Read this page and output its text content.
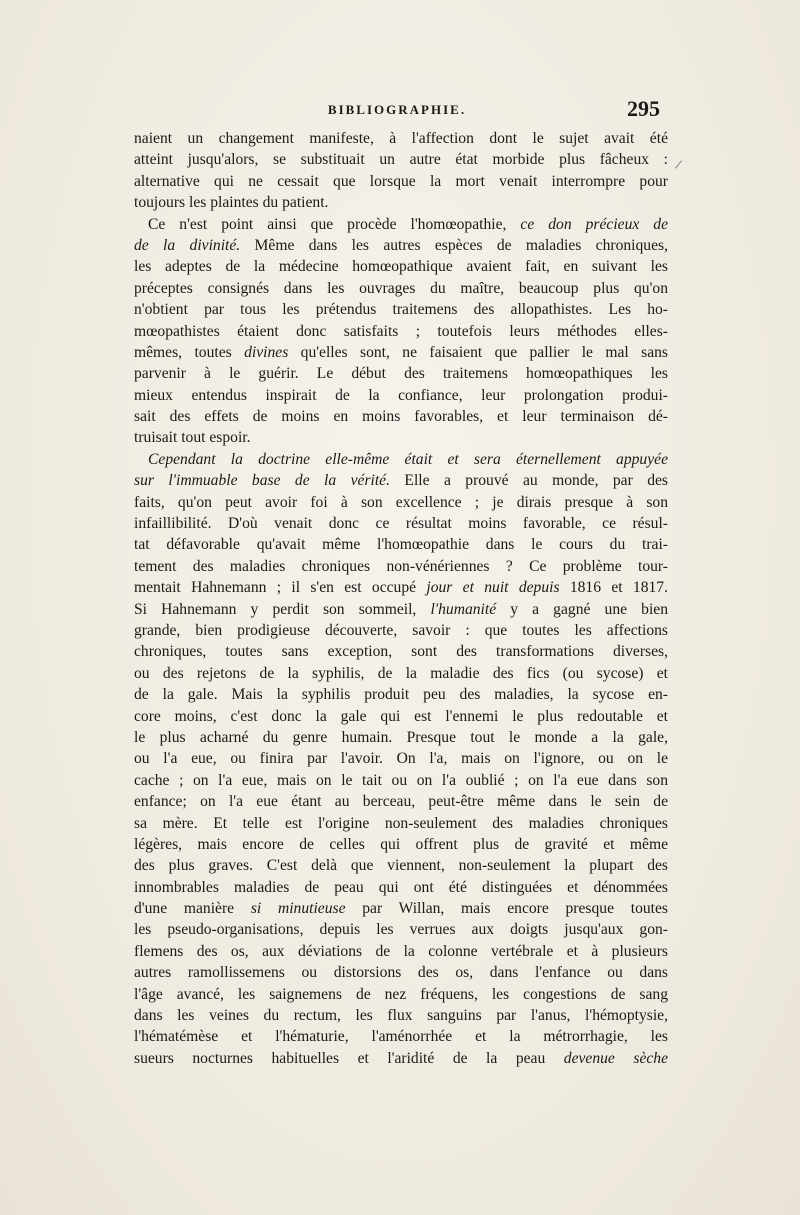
BIBLIOGRAPHIE.	295
/
naient un changement manifeste, à l'affection dont le sujet avait été
atteint jusqu'alors, se substituait un autre état morbide plus fâcheux :
alternative qui ne cessait que lorsque la mort venait interrompre pour
toujours les plaintes du patient.
Ce n'est point ainsi que procède l'homœopathie, ce don précieux de
de la divinité. Même dans les autres espèces de maladies chroniques,
les adeptes de la médecine homœopathique avaient fait, en suivant les
préceptes consignés dans les ouvrages du maître, beaucoup plus qu'on
n'obtient par tous les prétendus traitemens des allopathistes. Les ho-
mœopathistes étaient donc satisfaits ; toutefois leurs méthodes elles-
mêmes, toutes divines qu'elles sont, ne faisaient que pallier le mal sans
parvenir à le guérir. Le début des traitemens homœopathiques les
mieux entendus inspirait de la confiance, leur prolongation produi-
sait des effets de moins en moins favorables, et leur terminaison dé-
truisait tout espoir.
Cependant la doctrine elle-même était et sera éternellement appuyée
sur l'immuable base de la vérité. Elle a prouvé au monde, par des
faits, qu'on peut avoir foi à son excellence ; je dirais presque à son
infaillibilité. D'où venait donc ce résultat moins favorable, ce résul-
tat défavorable qu'avait même l'homœopathie dans le cours du trai-
tement des maladies chroniques non-vénériennes ? Ce problème tour-
mentait Hahnemann ; il s'en est occupé jour et nuit depuis 1816 et 1817.
Si Hahnemann y perdit son sommeil, l'humanité y a gagné une bien
grande, bien prodigieuse découverte, savoir : que toutes les affections
chroniques, toutes sans exception, sont des transformations diverses,
ou des rejetons de la syphilis, de la maladie des fics (ou sycose) et
de la gale. Mais la syphilis produit peu des maladies, la sycose en-
core moins, c'est donc la gale qui est l'ennemi le plus redoutable et
le plus acharné du genre humain. Presque tout le monde a la gale,
ou l'a eue, ou finira par l'avoir. On l'a, mais on l'ignore, ou on le
cache ; on l'a eue, mais on le tait ou on l'a oublié ; on l'a eue dans son
enfance; on l'a eue étant au berceau, peut-être même dans le sein de
sa mère. Et telle est l'origine non-seulement des maladies chroniques
légères, mais encore de celles qui offrent plus de gravité et même
des plus graves. C'est delà que viennent, non-seulement la plupart des
innombrables maladies de peau qui ont été distinguées et dénommées
d'une manière si minutieuse par Willan, mais encore presque toutes
les pseudo-organisations, depuis les verrues aux doigts jusqu'aux gon-
flemens des os, aux déviations de la colonne vertébrale et à plusieurs
autres ramollissemens ou distorsions des os, dans l'enfance ou dans
l'âge avancé, les saignemens de nez fréquens, les congestions de sang
dans les veines du rectum, les flux sanguins par l'anus, l'hémoptysie,
l'hématémèse et l'hématurie, l'aménorrhée et la métrorrhagie, les
sueurs nocturnes habituelles et l'aridité de la peau devenue sèche
